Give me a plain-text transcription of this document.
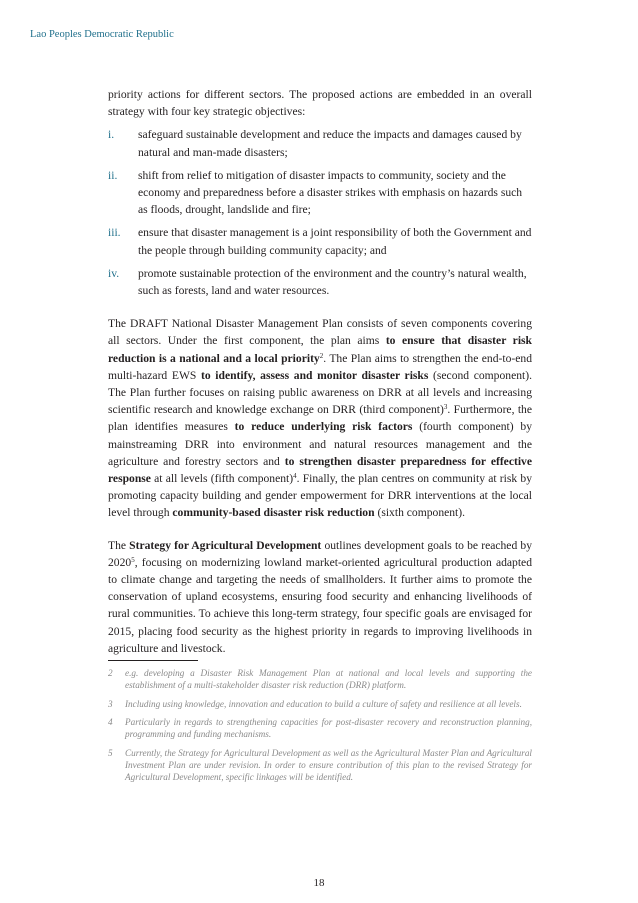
Lao Peoples Democratic Republic

priority actions for different sectors. The proposed actions are embedded in an overall strategy with four key strategic objectives:

i.	safeguard sustainable development and reduce the impacts and damages caused by natural and man-made disasters;
ii.	shift from relief to mitigation of disaster impacts to community, society and the economy and preparedness before a disaster strikes with emphasis on hazards such as floods, drought, landslide and fire;
iii.	ensure that disaster management is a joint responsibility of both the Government and the people through building community capacity; and
iv.	promote sustainable protection of the environment and the country’s natural wealth,    such as forests, land and water resources.

The DRAFT National Disaster Management Plan consists of seven components covering all sectors. Under the first component, the plan aims to ensure that disaster risk reduction is a national and a local priority$^2$. The Plan aims to strengthen the end-to-end multi-hazard EWS to identify, assess and monitor disaster risks (second component). The Plan further focuses on raising public awareness on DRR at all levels and increasing scientific research and knowledge exchange on DRR (third component)$^3$. Furthermore, the plan identifies measures to reduce underlying risk factors (fourth component) by mainstreaming DRR into environment and natural resources management and the agriculture and forestry sectors and to strengthen disaster preparedness for effective response at all levels (fifth component)$^4$. Finally, the plan centres on community at risk by promoting capacity building and gender empowerment for DRR interventions at the local level through community-based disaster risk reduction (sixth component).

The Strategy for Agricultural Development outlines development goals to be reached by 2020$^5$, focusing on modernizing lowland market-oriented agricultural production adapted to climate change and targeting the needs of smallholders. It further aims to promote the conservation of upland ecosystems, ensuring food security and enhancing livelihoods of rural communities. To achieve this long-term strategy, four specific goals are envisaged for 2015, placing food security as the highest priority in regards to improving livelihoods in agriculture and livestock.

2	e.g. developing a Disaster Risk Management Plan at national and local levels and supporting the establishment of a multi-stakeholder disaster risk reduction (DRR) platform.
3	Including using knowledge, innovation and education to build a culture of safety and resilience at all levels.
4	Particularly in regards to strengthening capacities for post-disaster recovery and reconstruction planning, programming and funding mechanisms.
5	Currently, the Strategy for Agricultural Development as well as the Agricultural Master Plan and Agricultural Investment Plan are under revision. In order to ensure contribution of this plan to the revised Strategy for Agricultural Development, specific linkages will be identified.
18
